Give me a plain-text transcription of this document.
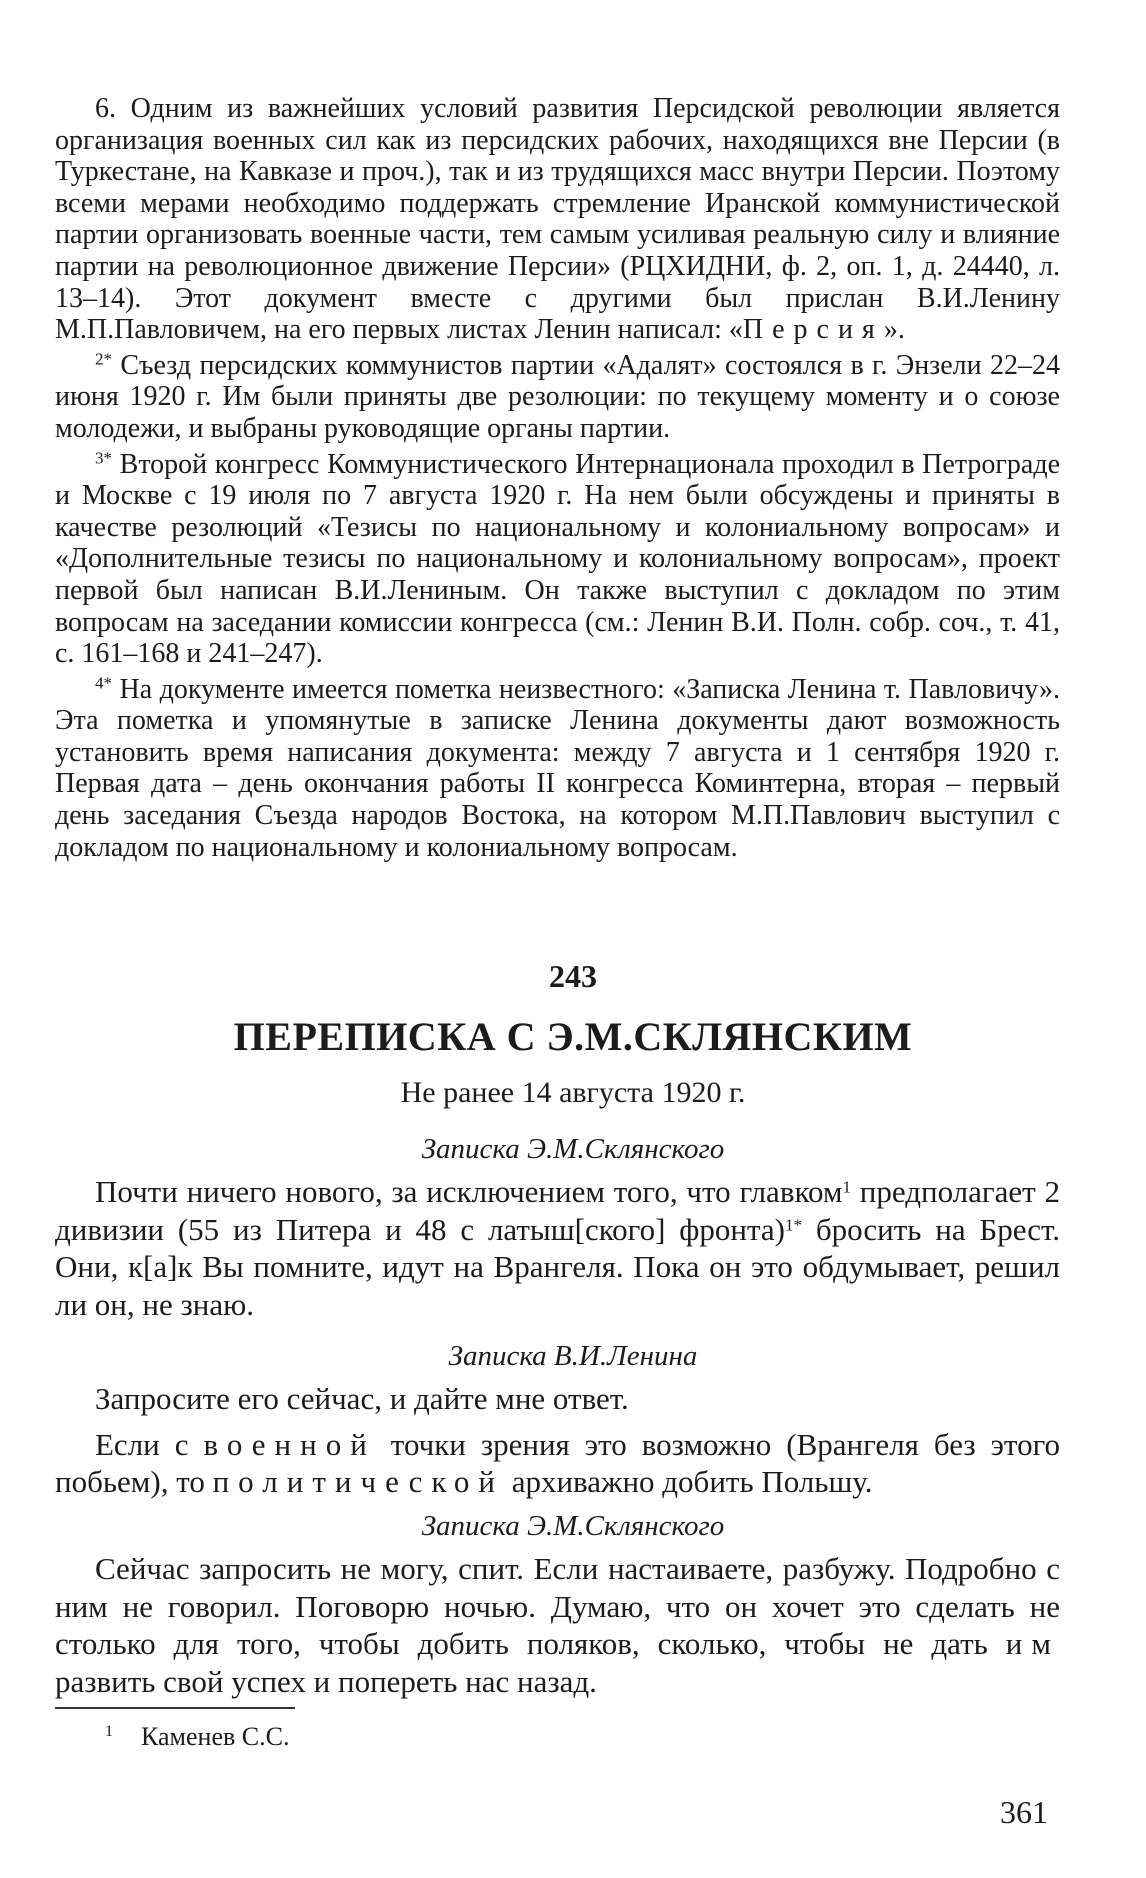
6. Одним из важнейших условий развития Персидской революции является организация военных сил как из персидских рабочих, находящихся вне Персии (в Туркестане, на Кавказе и проч.), так и из трудящихся масс внутри Персии. Поэтому всеми мерами необходимо поддержать стремление Иранской коммунистической партии организовать военные части, тем самым усиливая реальную силу и влияние партии на революционное движение Персии» (РЦХИДНИ, ф. 2, оп. 1, д. 24440, л. 13–14). Этот документ вместе с другими был прислан В.И.Ленину М.П.Павловичем, на его первых листах Ленин написал: «Персия».

$^{2*}$ Съезд персидских коммунистов партии «Адалят» состоялся в г. Энзели 22–24 июня 1920 г. Им были приняты две резолюции: по текущему моменту и о союзе молодежи, и выбраны руководящие органы партии.

$^{3*}$ Второй конгресс Коммунистического Интернационала проходил в Петрограде и Москве с 19 июля по 7 августа 1920 г. На нем были обсуждены и приняты в качестве резолюций «Тезисы по национальному и колониальному вопросам» и «Дополнительные тезисы по национальному и колониальному вопросам», проект первой был написан В.И.Лениным. Он также выступил с докладом по этим вопросам на заседании комиссии конгресса (см.: Ленин В.И. Полн. собр. соч., т. 41, с. 161–168 и 241–247).

$^{4*}$ На документе имеется пометка неизвестного: «Записка Ленина т. Павловичу». Эта пометка и упомянутые в записке Ленина документы дают возможность установить время написания документа: между 7 августа и 1 сентября 1920 г. Первая дата – день окончания работы II конгресса Коминтерна, вторая – первый день заседания Съезда народов Востока, на котором М.П.Павлович выступил с докладом по национальному и колониальному вопросам.

243
ПЕРЕПИСКА С Э.М.СКЛЯНСКИМ
Не ранее 14 августа 1920 г.
Записка Э.М.Склянского

Почти ничего нового, за исключением того, что главком$^1$ предполагает 2 дивизии (55 из Питера и 48 с латыш[ского] фронта)$^{1*}$ бросить на Брест. Они, к[а]к Вы помните, идут на Врангеля. Пока он это обдумывает, решил ли он, не знаю.

Записка В.И.Ленина

Запросите его сейчас, и дайте мне ответ.

Если с военной точки зрения это возможно (Врангеля без этого побьем), то политической архиважно добить Польшу.

Записка Э.М.Склянского

Сейчас запросить не могу, спит. Если настаиваете, разбужу. Подробно с ним не говорил. Поговорю ночью. Думаю, что он хочет это сделать не столько для того, чтобы добить поляков, сколько, чтобы не дать им развить свой успех и поперeть нас назад.

$^1$ Каменев С.С.
361
